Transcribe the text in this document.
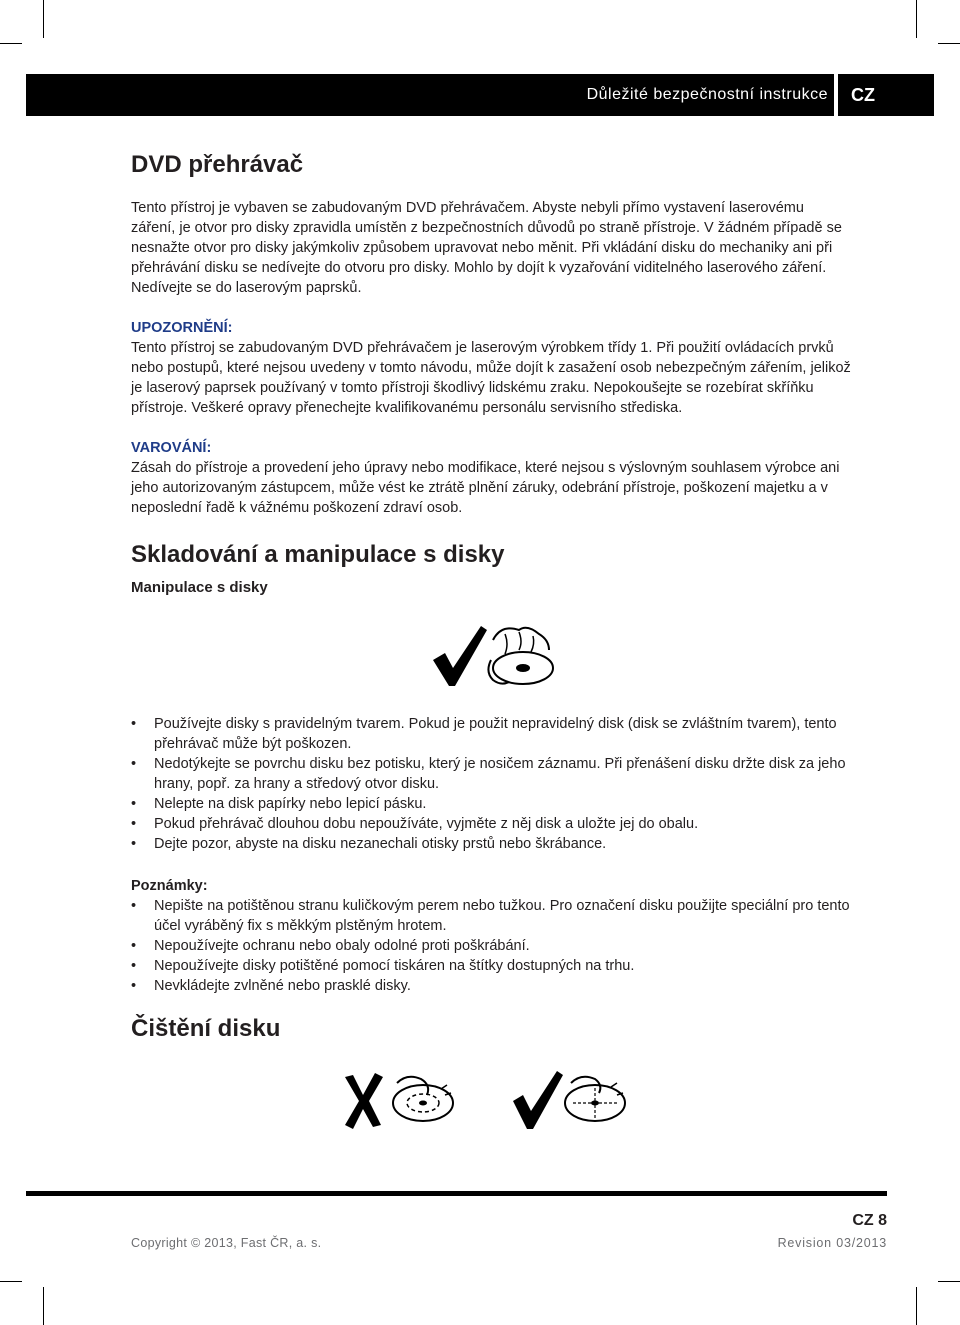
Důležité bezpečnostní instrukce CZ
DVD přehrávač

Tento přístroj je vybaven se zabudovaným DVD přehrávačem. Abyste nebyli přímo vystavení laserovému záření, je otvor pro disky zpravidla umístěn z bezpečnostních důvodů po straně přístroje. V žádném případě se nesnažte otvor pro disky jakýmkoliv způsobem upravovat nebo měnit. Při vkládání disku do mechaniky ani při přehrávání disku se nedívejte do otvoru pro disky. Mohlo by dojít k vyzařování viditelného laserového záření. Nedívejte se do laserovým paprsků.

UPOZORNĚNÍ:

Tento přístroj se zabudovaným DVD přehrávačem je laserovým výrobkem třídy 1. Při použití ovládacích prvků nebo postupů, které nejsou uvedeny v tomto návodu, může dojít k zasažení osob nebezpečným zářením, jelikož je laserový paprsek používaný v tomto přístroji škodlivý lidskému zraku. Nepokoušejte se rozebírat skříňku přístroje. Veškeré opravy přenechejte kvalifikovanému personálu servisního střediska.

VAROVÁNÍ:

Zásah do přístroje a provedení jeho úpravy nebo modifikace, které nejsou s výslovným souhlasem výrobce ani jeho autorizovaným zástupcem, může vést ke ztrátě plnění záruky, odebrání přístroje, poškození majetku a v neposlední řadě k vážnému poškození zdraví osob.

Skladování a manipulace s disky
Manipulace s disky
• Používejte disky s pravidelným tvarem. Pokud je použit nepravidelný disk (disk se zvláštním tvarem), tento přehrávač může být poškozen.
• Nedotýkejte se povrchu disku bez potisku, který je nosičem záznamu. Při přenášení disku držte disk za jeho hrany, popř. za hrany a středový otvor disku.
• Nelepte na disk papírky nebo lepicí pásku.
• Pokud přehrávač dlouhou dobu nepoužíváte, vyjměte z něj disk a uložte jej do obalu.
• Dejte pozor, abyste na disku nezanechali otisky prstů nebo škrábance.
Poznámky:
• Nepište na potištěnou stranu kuličkovým perem nebo tužkou. Pro označení disku použijte speciální pro tento účel vyráběný fix s měkkým plstěným hrotem.
• Nepoužívejte ochranu nebo obaly odolné proti poškrábání.
• Nepoužívejte disky potištěné pomocí tiskáren na štítky dostupných na trhu.
• Nevkládejte zvlněné nebo prasklé disky.
Čištění disku
CZ 8
Copyright © 2013, Fast ČR, a. s.	Revision 03/2013
